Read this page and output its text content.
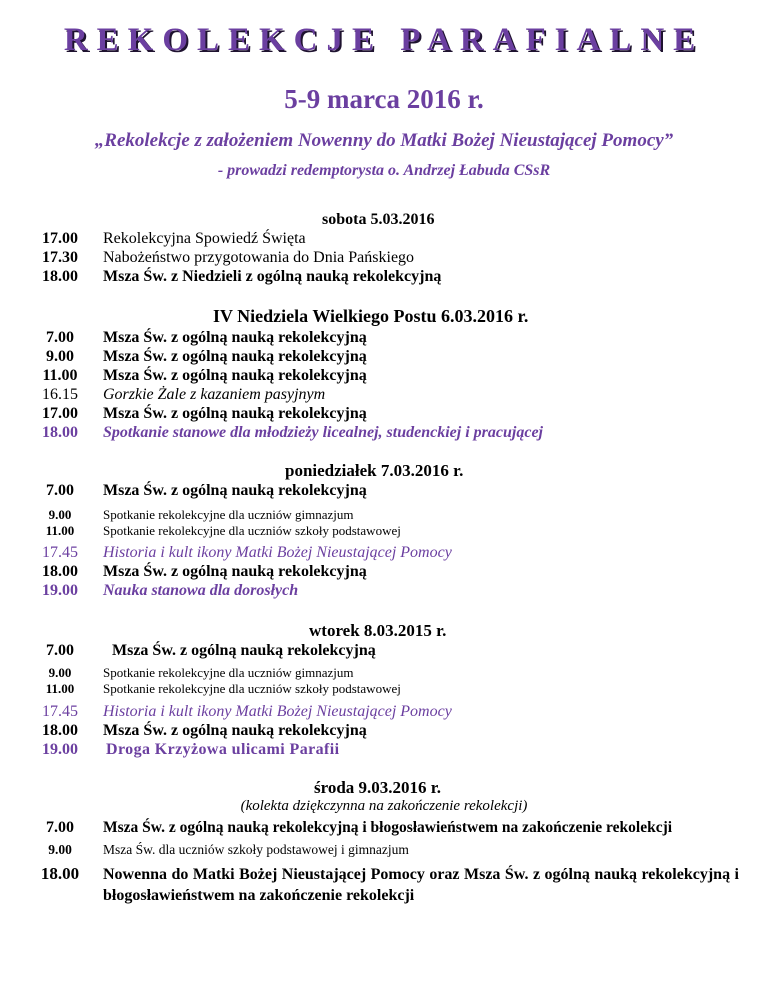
REKOLEKCJE PARAFIALNE
5-9 marca 2016 r.
„Rekolekcje z założeniem Nowenny do Matki Bożej Nieustającej Pomocy”
- prowadzi redemptorysta o. Andrzej Łabuda CSsR
sobota 5.03.2016
17.00	Rekolekcyjna Spowiedź Święta
17.30	Nabożeństwo przygotowania do Dnia Pańskiego
18.00	Msza Św. z Niedzieli z ogólną nauką rekolekcyjną
IV Niedziela Wielkiego Postu 6.03.2016 r.
7.00	Msza Św. z ogólną nauką rekolekcyjną
9.00	Msza Św. z ogólną nauką rekolekcyjną
11.00	Msza Św. z ogólną nauką rekolekcyjną
16.15	Gorzkie Żale z kazaniem pasyjnym
17.00	Msza Św. z ogólną nauką rekolekcyjną
18.00	Spotkanie stanowe dla młodzieży licealnej, studenckiej i pracującej
poniedziałek 7.03.2016 r.
7.00	Msza Św. z ogólną nauką rekolekcyjną
9.00	Spotkanie rekolekcyjne dla uczniów gimnazjum
11.00	Spotkanie rekolekcyjne dla uczniów szkoły podstawowej
17.45	Historia i kult ikony Matki Bożej Nieustającej Pomocy
18.00	Msza Św. z ogólną nauką rekolekcyjną
19.00	Nauka stanowa dla dorosłych
wtorek 8.03.2015 r.
7.00	Msza Św. z ogólną nauką rekolekcyjną
9.00	Spotkanie rekolekcyjne dla uczniów gimnazjum
11.00	Spotkanie rekolekcyjne dla uczniów szkoły podstawowej
17.45	Historia i kult ikony Matki Bożej Nieustającej Pomocy
18.00	Msza Św. z ogólną nauką rekolekcyjną
19.00	Droga Krzyżowa ulicami Parafii
środa 9.03.2016 r.
(kolekta dziękczynna na zakończenie rekolekcji)
7.00	Msza Św. z ogólną nauką rekolekcyjną i błogosławieństwem na zakończenie rekolekcji
9.00	Msza Św. dla uczniów szkoły podstawowej i gimnazjum
18.00	Nowenna do Matki Bożej Nieustającej Pomocy oraz Msza Św. z ogólną nauką rekolekcyjną i błogosławieństwem na zakończenie rekolekcji
